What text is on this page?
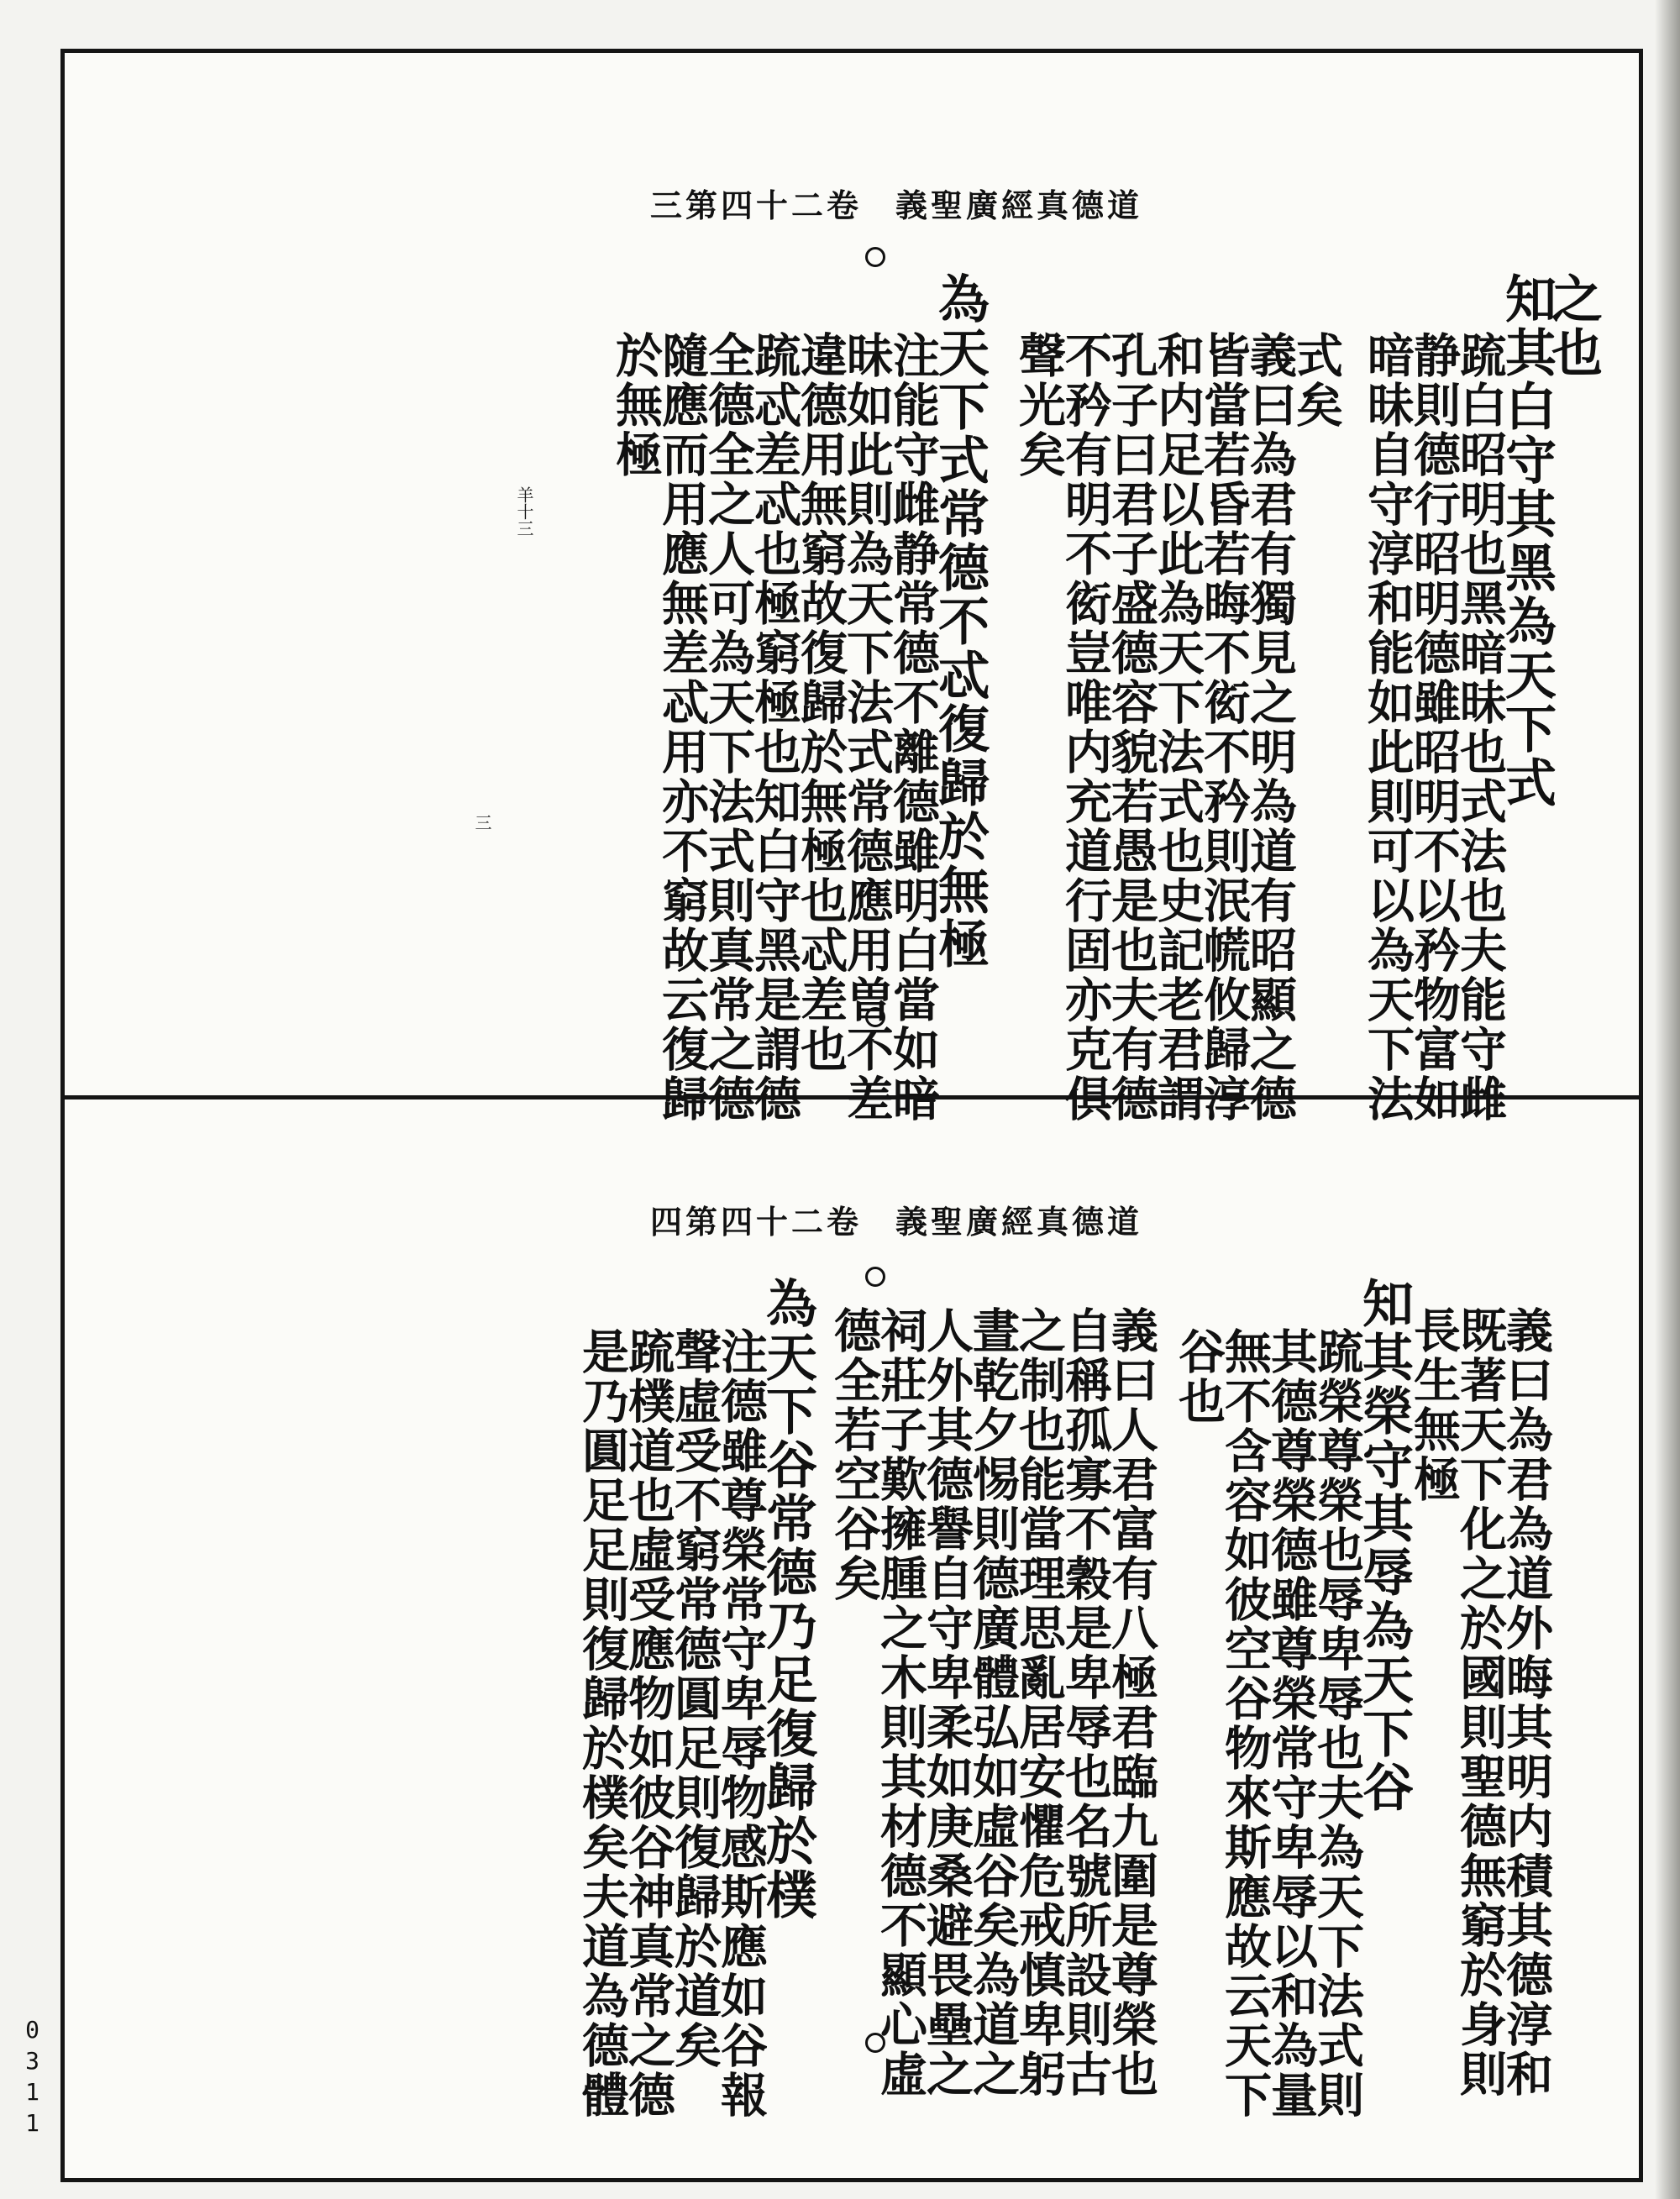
道德真經廣聖義卷二十四第三
之也
知其白守其黑為天下式
䟽白昭明也黑暗昧也式法也夫能守雌
静則德行昭明德雖昭明不以矜物富如
暗昧自守淳和能如此則可以為天下法
式矣
義曰為君有獨見之明為道有昭顯之德
皆當若昏若晦不衒不矜則泯㡛攸歸淳
和内足以此為天下法式也史記老君謂
孔子曰君子盛德容貌若愚是也夫有德
不矜有明不衒豈唯内充道行固亦克俱
聲光矣
為天下式常德不忒復歸於無極
注能守雌静常德不離德雖明白當如暗
昧如此則為天下法式常德應用曽不差
違德用無窮故復歸於無極也忒差也
䟽忒差忒也極窮極也知白守黑是謂德
全德全之人可為天下法式則真常之德
隨應而用應無差忒用亦不窮故云復歸
於無極
羊十三
三
道德真經廣聖義卷二十四第四
義曰為君為道外晦其明内積其德淳和
既著天下化之於國則聖德無窮於身則
長生無極
知其榮守其辱為天下谷
䟽榮尊榮也辱卑辱也夫為天下法式則
其德尊榮德雖尊榮常守卑辱以和為量
無不含容如彼空谷物來斯應故云天下
谷也
義曰人君富有八極君臨九圍是尊榮也
自稱孤寡不穀是卑辱也名號所設則古
之制也能當理思亂居安懼危戒慎卑躬
晝乾夕惕則德廣體弘如虛谷矣為道之
人外其德譽自守卑柔如庚桑避畏壘之
祠莊子歎擁腫之木則其材德不顯心虛
德全若空谷矣
為天下谷常德乃足復歸於樸
注德雖尊榮常守卑辱物感斯應如谷報
聲虛受不窮常德圓足則復歸於道矣
䟽樸道也虛受應物如彼谷神真常之德
是乃圓足足則復歸於樸矣夫道為德體
0311
